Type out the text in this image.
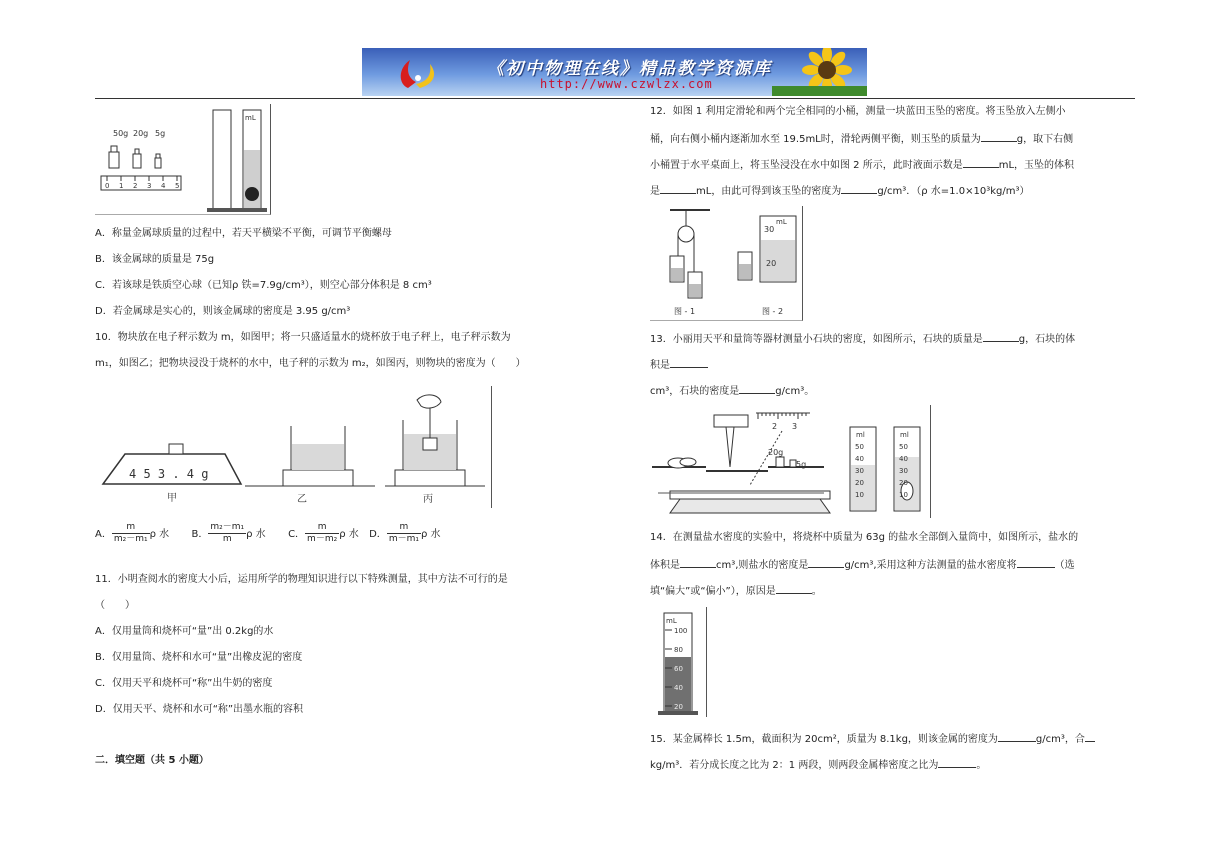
《初中物理在线》精品教学资源库
http://www.czwlzx.com
50g 20g 5g
0 1 2 3 4 5
mL
A．称量金属球质量的过程中，若天平横梁不平衡，可调节平衡螺母
B．该金属球的质量是 75g
C．若该球是铁质空心球（已知ρ 铁=7.9g/cm³），则空心部分体积是 8 cm³
D．若金属球是实心的，则该金属球的密度是 3.95 g/cm³
10．物块放在电子秤示数为 m，如图甲；将一只盛适量水的烧杯放于电子秤上，电子秤示数为
m₁，如图乙；把物块浸没于烧杯的水中，电子秤的示数为 m₂，如图丙，则物块的密度为（　　）
4 5 3 . 4 g
甲	乙	丙
A． $\frac{m}{\text{m₂－m₁}}$ ρ 水 B． $\frac{\text{m₂－m₁}}{m}$ ρ 水 C． $\frac{m}{\text{m－m₂}}$ ρ 水 D． $\frac{m}{\text{m－m₁}}$ ρ 水
11．小明查阅水的密度大小后，运用所学的物理知识进行以下特殊测量，其中方法不可行的是
（　　）
A．仅用量筒和烧杯可“量”出 0.2kg的水
B．仅用量筒、烧杯和水可“量”出橡皮泥的密度
C．仅用天平和烧杯可“称”出牛奶的密度
D．仅用天平、烧杯和水可“称”出墨水瓶的容积
二．填空题（共 5 小题）
12．如图 1 利用定滑轮和两个完全相同的小桶，测量一块蓝田玉坠的密度。将玉坠放入左侧小
桶，向右侧小桶内逐渐加水至 19.5mL时，滑轮两侧平衡，则玉坠的质量为	g，取下右侧
小桶置于水平桌面上，将玉坠浸没在水中如图 2 所示，此时液面示数是	mL，玉坠的体积
是	mL，由此可得到该玉坠的密度为	g/cm³．（ρ 水=1.0×10³kg/m³）
图 - 1
mL
30
20
图 - 2
13．小丽用天平和量筒等器材测量小石块的密度，如图所示，石块的质量是	g，石块的体
积是
cm³，石块的密度是	g/cm³。
2 3
20g
5g
ml	ml
50	50
40	40
30	30
20	20
10	10
14．在测量盐水密度的实验中，将烧杯中质量为 63g 的盐水全部倒入量筒中，如图所示，盐水的
体积是	cm³,则盐水的密度是	g/cm³,采用这种方法测量的盐水密度将	（选
填“偏大”或“偏小”），原因是	。
mL
100
80
60
40
20
15．某金属棒长 1.5m，截面积为 20cm²，质量为 8.1kg，则该金属的密度为	g/cm³，合
kg/m³．若分成长度之比为 2：1 两段，则两段金属棒密度之比为	。
